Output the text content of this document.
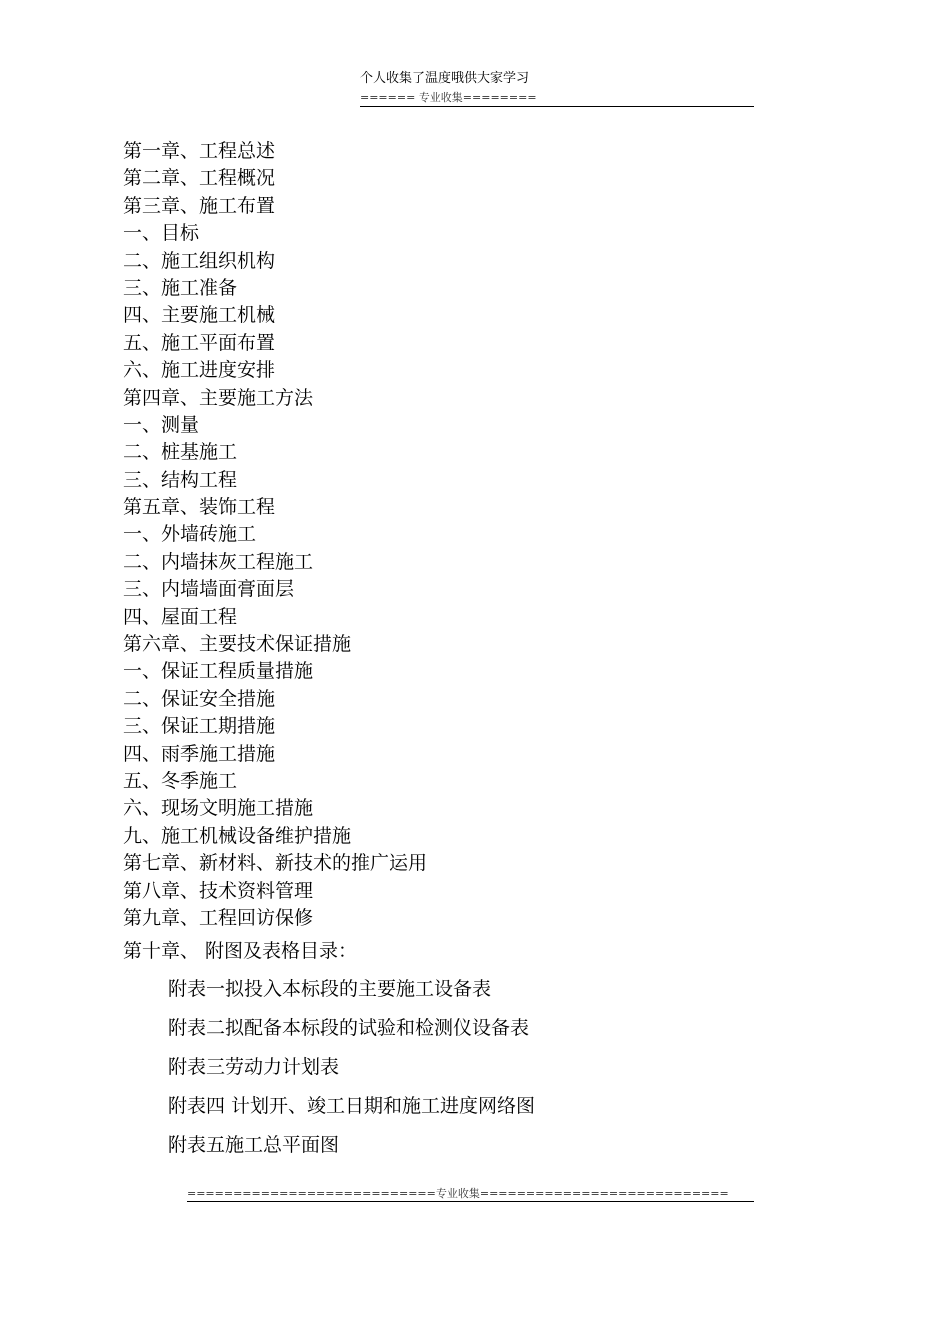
个人收集了温度哦供大家学习
====== 专业收集========
第一章、工程总述
第二章、工程概况
第三章、施工布置
一、目标
二、施工组织机构
三、施工准备
四、主要施工机械
五、施工平面布置
六、施工进度安排
第四章、主要施工方法
一、测量
二、桩基施工
三、结构工程
第五章、装饰工程
一、外墙砖施工
二、内墙抹灰工程施工
三、内墙墙面膏面层
四、屋面工程
第六章、主要技术保证措施
一、保证工程质量措施
二、保证安全措施
三、保证工期措施
四、雨季施工措施
五、冬季施工
六、现场文明施工措施
九、施工机械设备维护措施
第七章、新材料、新技术的推广运用
第八章、技术资料管理
第九章、工程回访保修
第十章、 附图及表格目录：
附表一拟投入本标段的主要施工设备表
附表二拟配备本标段的试验和检测仪设备表
附表三劳动力计划表
附表四 计划开、竣工日期和施工进度网络图
附表五施工总平面图
===========================专业收集===========================
